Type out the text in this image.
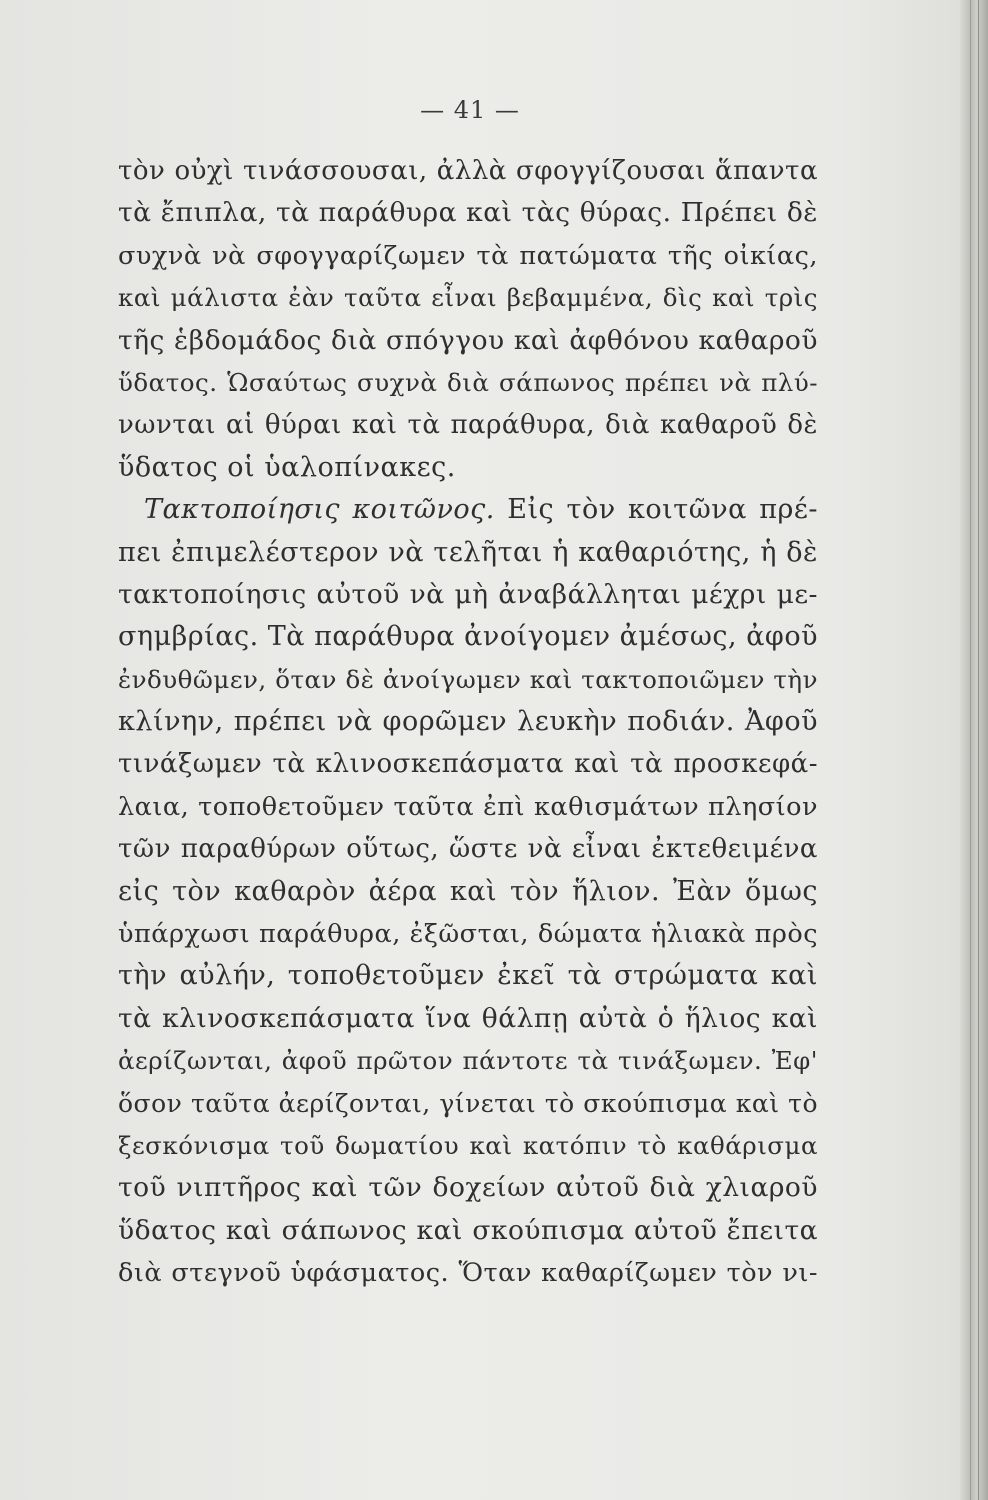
— 41 —
τὸν οὐχὶ τινάσσουσαι, ἀλλὰ σφογγίζουσαι ἅπαντα
τὰ ἔπιπλα, τὰ παράθυρα καὶ τὰς θύρας. Πρέπει δὲ
συχνὰ νὰ σφογγαρίζωμεν τὰ πατώματα τῆς οἰκίας,
καὶ μάλιστα ἐὰν ταῦτα εἶναι βεβαμμένα, δὶς καὶ τρὶς
τῆς ἑβδομάδος διὰ σπόγγου καὶ ἀφθόνου καθαροῦ
ὕδατος. Ὡσαύτως συχνὰ διὰ σάπωνος πρέπει νὰ πλύ-
νωνται αἱ θύραι καὶ τὰ παράθυρα, διὰ καθαροῦ δὲ
ὕδατος οἱ ὑαλοπίνακες.
Τακτοποίησις κοιτῶνος. Εἰς τὸν κοιτῶνα πρέ-
πει ἐπιμελέστερον νὰ τελῆται ἡ καθαριότης, ἡ δὲ
τακτοποίησις αὐτοῦ νὰ μὴ ἀναβάλληται μέχρι με-
σημβρίας. Τὰ παράθυρα ἀνοίγομεν ἀμέσως, ἀφοῦ
ἐνδυθῶμεν, ὅταν δὲ ἀνοίγωμεν καὶ τακτοποιῶμεν τὴν
κλίνην, πρέπει νὰ φορῶμεν λευκὴν ποδιάν. Ἀφοῦ
τινάξωμεν τὰ κλινοσκεπάσματα καὶ τὰ προσκεφά-
λαια, τοποθετοῦμεν ταῦτα ἐπὶ καθισμάτων πλησίον
τῶν παραθύρων οὕτως, ὥστε νὰ εἶναι ἐκτεθειμένα
εἰς τὸν καθαρὸν ἀέρα καὶ τὸν ἥλιον. Ἐὰν ὅμως
ὑπάρχωσι παράθυρα, ἐξῶσται, δώματα ἡλιακὰ πρὸς
τὴν αὐλήν, τοποθετοῦμεν ἐκεῖ τὰ στρώματα καὶ
τὰ κλινοσκεπάσματα ἵνα θάλπῃ αὐτὰ ὁ ἥλιος καὶ
ἀερίζωνται, ἀφοῦ πρῶτον πάντοτε τὰ τινάξωμεν. Ἐφ'
ὅσον ταῦτα ἀερίζονται, γίνεται τὸ σκούπισμα καὶ τὸ
ξεσκόνισμα τοῦ δωματίου καὶ κατόπιν τὸ καθάρισμα
τοῦ νιπτῆρος καὶ τῶν δοχείων αὐτοῦ διὰ χλιαροῦ
ὕδατος καὶ σάπωνος καὶ σκούπισμα αὐτοῦ ἔπειτα
διὰ στεγνοῦ ὑφάσματος. Ὅταν καθαρίζωμεν τὸν νι-
